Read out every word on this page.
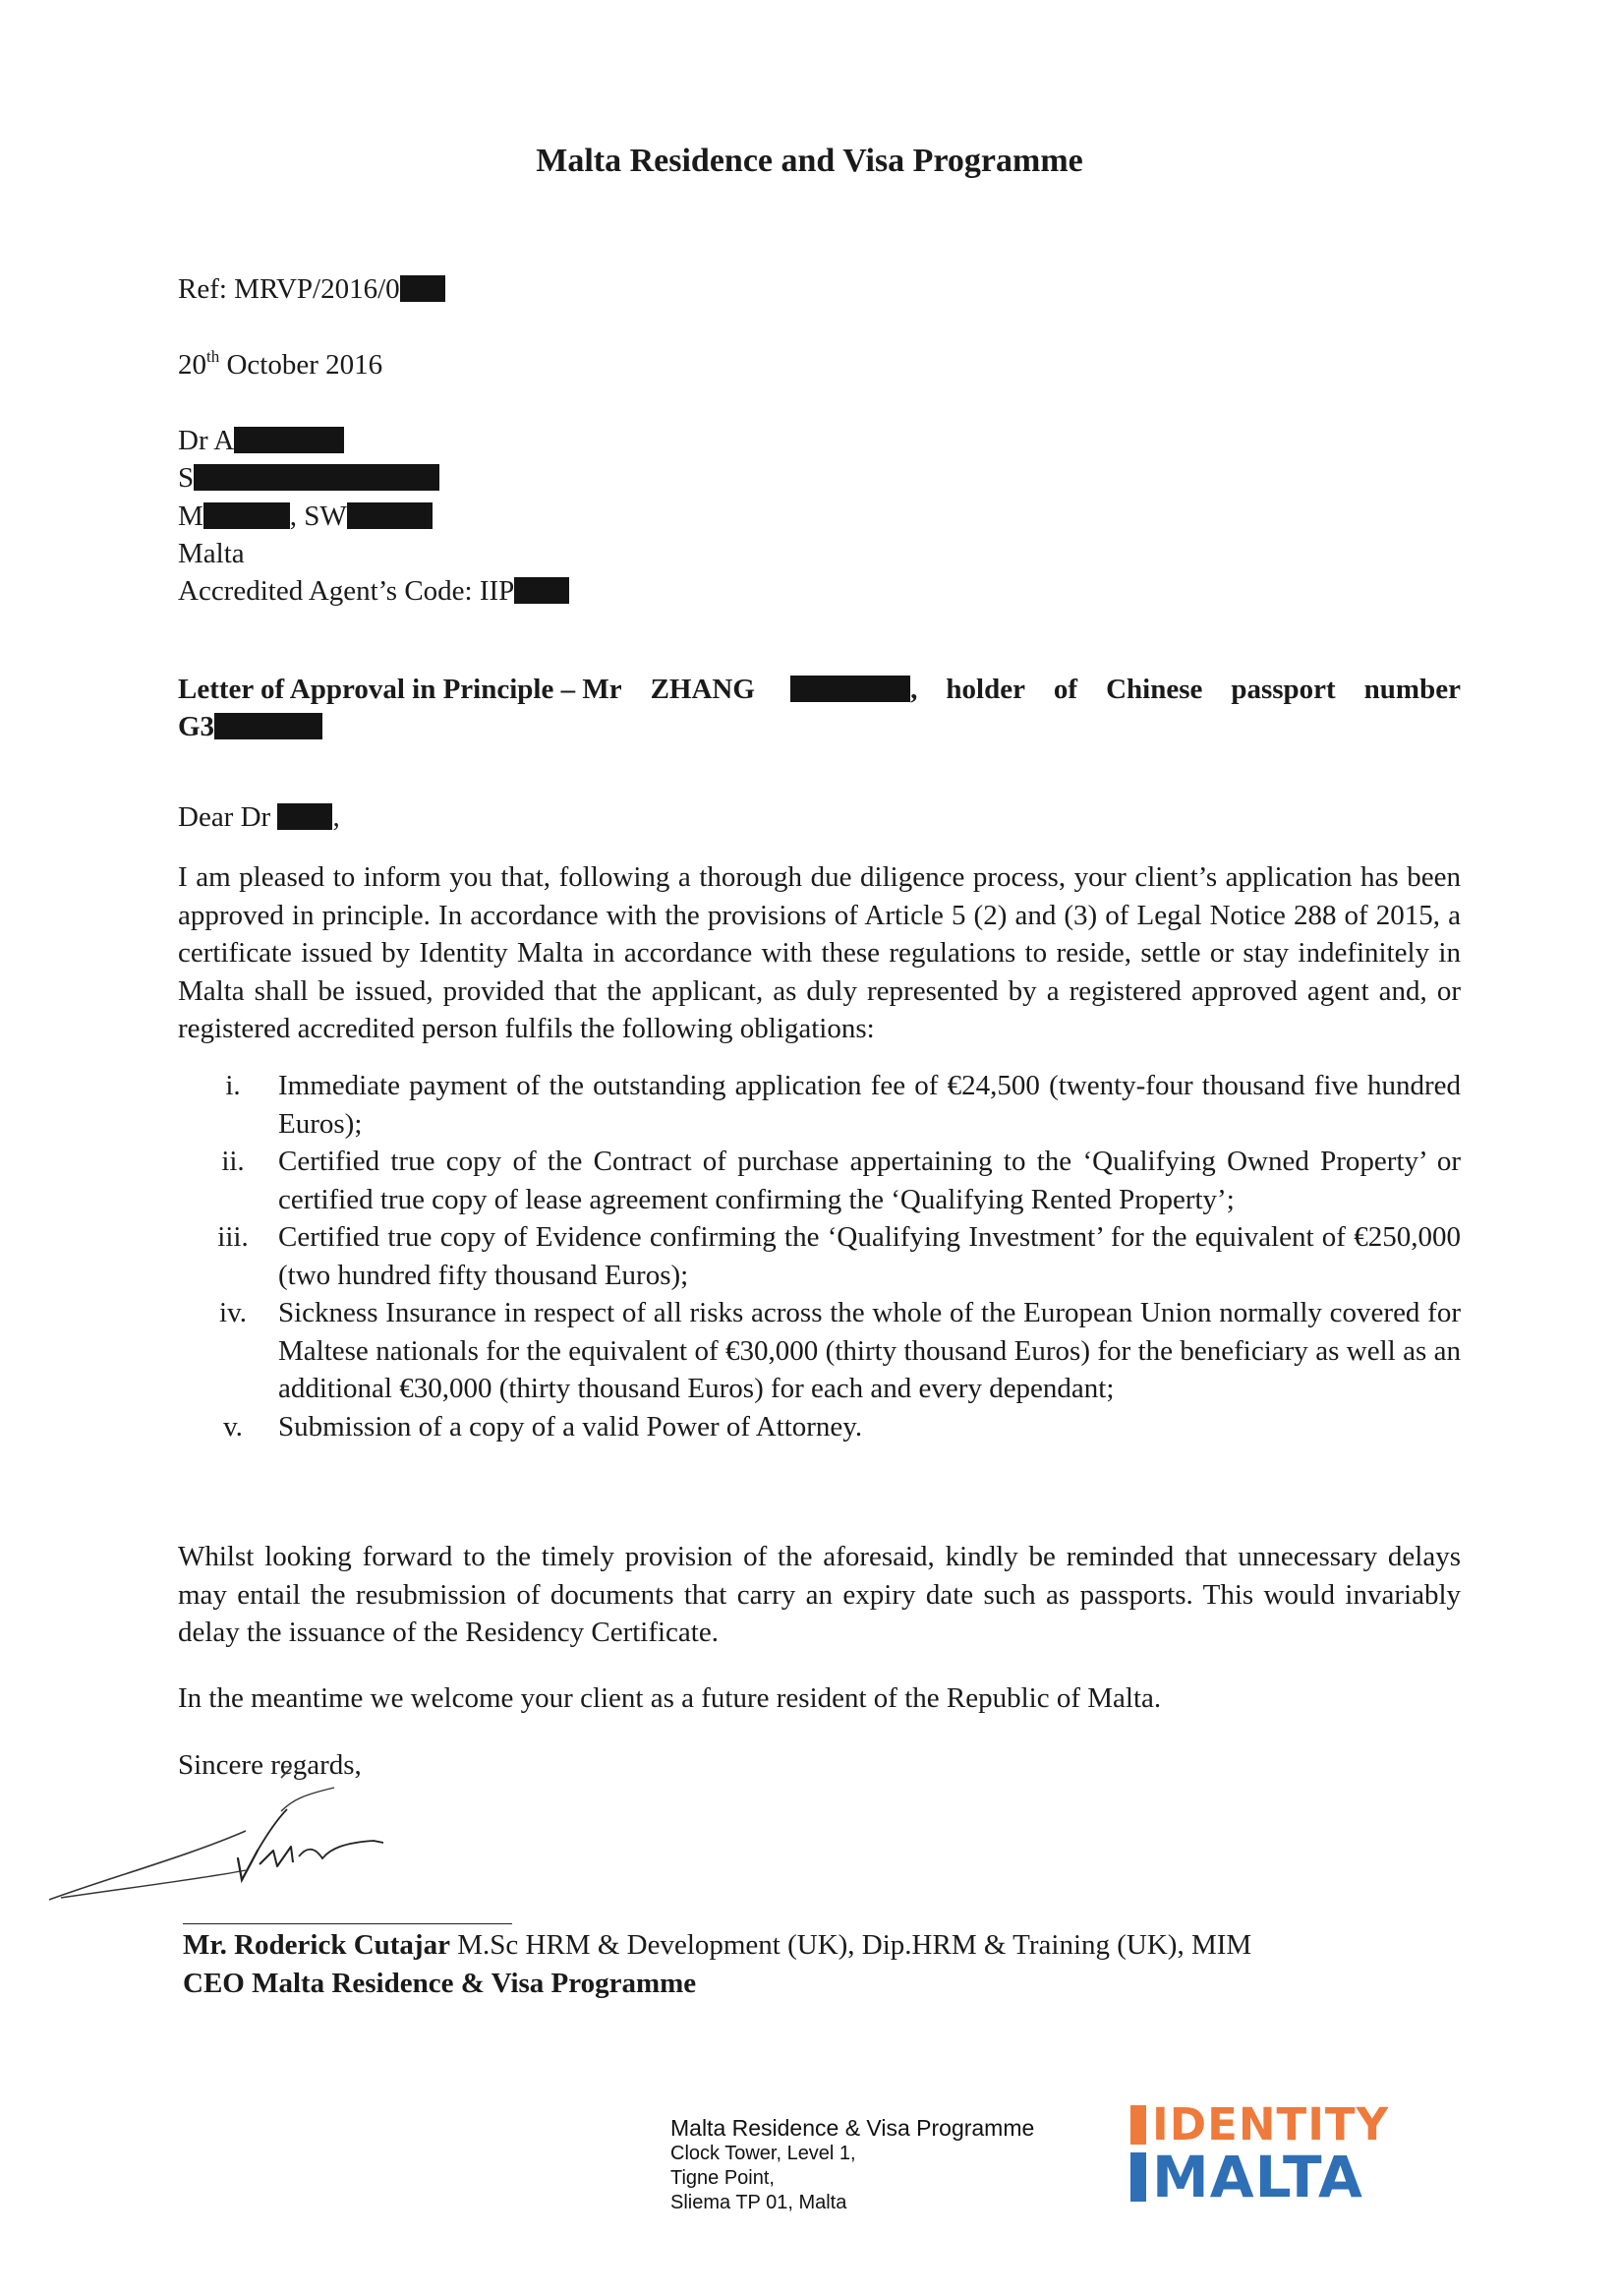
Malta Residence and Visa Programme
Ref: MRVP/2016/0
20th October 2016
Dr A
S
M	, SW
Malta
Accredited Agent’s Code: IIP
Letter of Approval in Principle – Mr ZHANG	, holder of Chinese passport number
G3
Dear Dr ,
I am pleased to inform you that, following a thorough due diligence process, your client’s application has been approved in principle. In accordance with the provisions of Article 5 (2) and (3) of Legal Notice 288 of 2015, a certificate issued by Identity Malta in accordance with these regulations to reside, settle or stay indefinitely in Malta shall be issued, provided that the applicant, as duly represented by a registered approved agent and, or registered accredited person fulfils the following obligations:
i.	Immediate payment of the outstanding application fee of €24,500 (twenty-four thousand five hundred Euros);
ii.	Certified true copy of the Contract of purchase appertaining to the ‘Qualifying Owned Property’ or certified true copy of lease agreement confirming the ‘Qualifying Rented Property’;
iii.	Certified true copy of Evidence confirming the ‘Qualifying Investment’ for the equivalent of €250,000 (two hundred fifty thousand Euros);
iv.	Sickness Insurance in respect of all risks across the whole of the European Union normally covered for Maltese nationals for the equivalent of €30,000 (thirty thousand Euros) for the beneficiary as well as an additional €30,000 (thirty thousand Euros) for each and every dependant;
v.	Submission of a copy of a valid Power of Attorney.
Whilst looking forward to the timely provision of the aforesaid, kindly be reminded that unnecessary delays may entail the resubmission of documents that carry an expiry date such as passports. This would invariably delay the issuance of the Residency Certificate.
In the meantime we welcome your client as a future resident of the Republic of Malta.
Sincere regards,
Mr. Roderick Cutajar M.Sc HRM & Development (UK), Dip.HRM & Training (UK), MIM
CEO Malta Residence & Visa Programme
Malta Residence & Visa Programme
Clock Tower, Level 1,
Tigne Point,
Sliema TP 01, Malta
IDENTITY
MALTA
